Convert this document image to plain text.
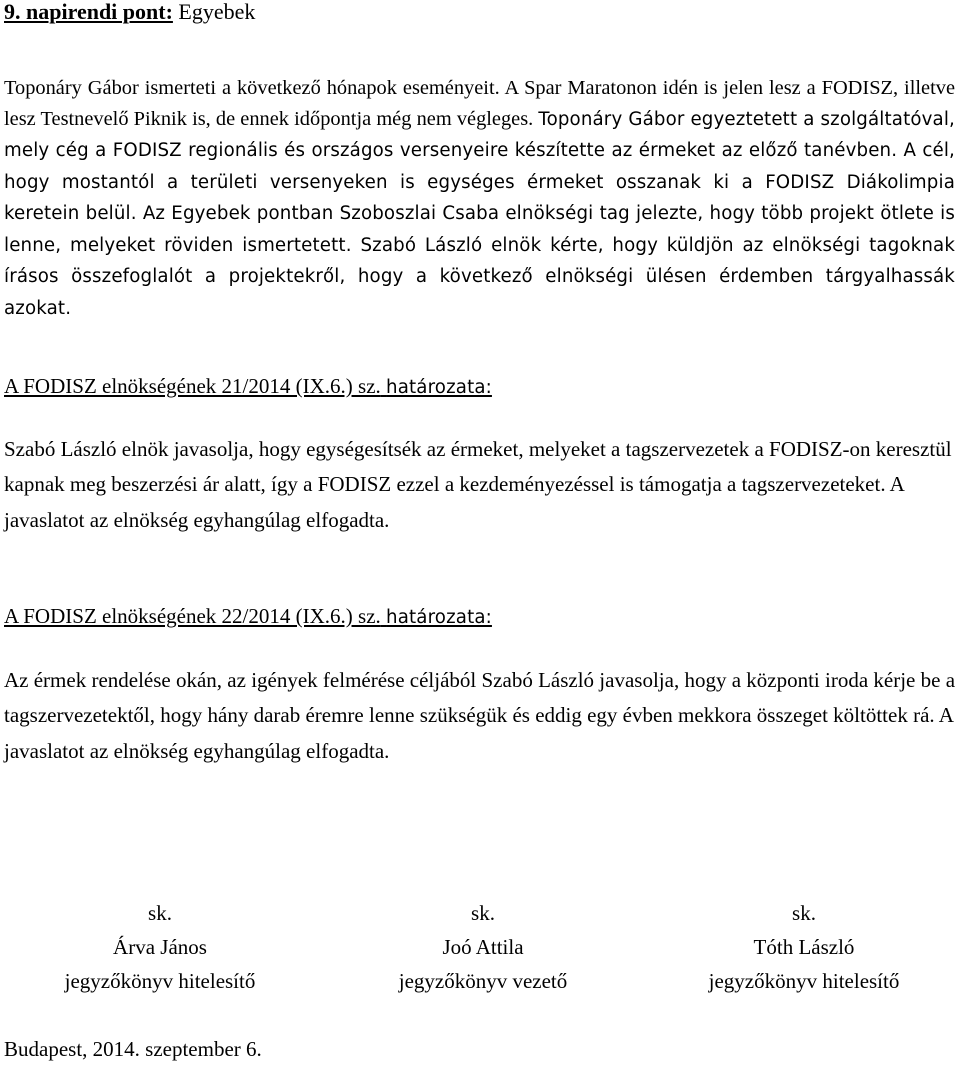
9. napirendi pont: Egyebek

Toponáry Gábor ismerteti a következő hónapok eseményeit. A Spar Maratonon idén is jelen lesz a FODISZ, illetve lesz Testnevelő Piknik is, de ennek időpontja még nem végleges. Toponáry Gábor egyeztetett a szolgáltatóval, mely cég a FODISZ regionális és országos versenyeire készítette az érmeket az előző tanévben. A cél, hogy mostantól a területi versenyeken is egységes érmeket osszanak ki a FODISZ Diákolimpia keretein belül. Az Egyebek pontban Szoboszlai Csaba elnökségi tag jelezte, hogy több projekt ötlete is lenne, melyeket röviden ismertetett. Szabó László elnök kérte, hogy küldjön az elnökségi tagoknak írásos összefoglalót a projektekről, hogy a következő elnökségi ülésen érdemben tárgyalhassák azokat.

A FODISZ elnökségének 21/2014 (IX.6.) sz. határozata:

Szabó László elnök javasolja, hogy egységesítsék az érmeket, melyeket a tagszervezetek a FODISZ-on keresztül kapnak meg beszerzési ár alatt, így a FODISZ ezzel a kezdeményezéssel is támogatja a tagszervezeteket. A javaslatot az elnökség egyhangúlag elfogadta.

A FODISZ elnökségének 22/2014 (IX.6.) sz. határozata:

Az érmek rendelése okán, az igények felmérése céljából Szabó László javasolja, hogy a központi iroda kérje be a tagszervezetektől, hogy hány darab éremre lenne szükségük és eddig egy évben mekkora összeget költöttek rá. A javaslatot az elnökség egyhangúlag elfogadta.

sk.
Árva János
jegyzőkönyv hitelesítő
sk.
Joó Attila
jegyzőkönyv vezető
sk.
Tóth László
jegyzőkönyv hitelesítő
Budapest, 2014. szeptember 6.
